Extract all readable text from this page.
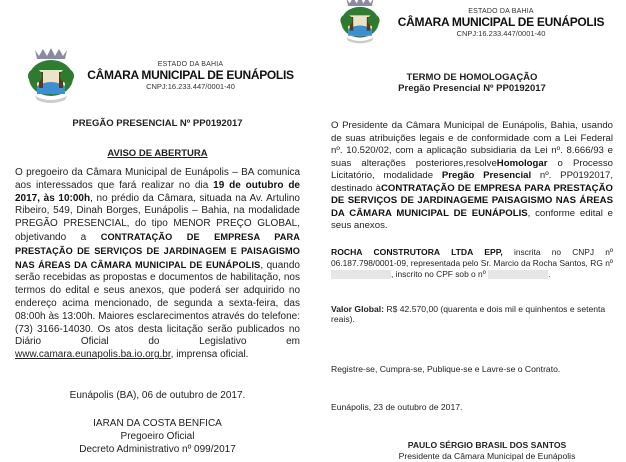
ESTADO DA BAHIA
CÂMARA MUNICIPAL DE EUNÁPOLIS
CNPJ:16.233.447/0001-40
PREGÃO PRESENCIAL Nº PP0192017
AVISO DE ABERTURA
O pregoeiro da Câmara Municipal de Eunápolis – BA comunica aos interessados que fará realizar no dia 19 de outubro de 2017, às 10:00h, no prédio da Câmara, situada na Av. Artulino Ribeiro, 549, Dinah Borges, Eunápolis – Bahia, na modalidade PREGÃO PRESENCIAL, do tipo MENOR PREÇO GLOBAL, objetivando a CONTRATAÇÃO DE EMPRESA PARA PRESTAÇÃO DE SERVIÇOS DE JARDINAGEM E PAISAGISMO NAS ÁREAS DA CÂMARA MUNICIPAL DE EUNÁPOLIS, quando serão recebidas as propostas e documentos de habilitação, nos termos do edital e seus anexos, que poderá ser adquirido no endereço acima mencionado, de segunda a sexta-feira, das 08:00h às 13:00h. Maiores esclarecimentos através do telefone: (73) 3166-14030. Os atos desta licitação serão publicados no Diário Oficial do Legislativo em www.camara.eunapolis.ba.io.org.br, imprensa oficial.
Eunápolis (BA), 06 de outubro de 2017.
IARAN DA COSTA BENFICA
Pregoeiro Oficial
Decreto Administrativo nº 099/2017
ESTADO DA BAHIA
CÂMARA MUNICIPAL DE EUNÁPOLIS
CNPJ:16.233.447/0001-40
TERMO DE HOMOLOGAÇÃO
Pregão Presencial Nº PP0192017
O Presidente da Câmara Municipal de Eunápolis, Bahia, usando de suas atribuições legais e de conformidade com a Lei Federal nº. 10.520/02, com a aplicação subsidiaria da Lei nº. 8.666/93 e suas alterações posteriores,resolveHomologar o Processo Licitatório, modalidade Pregão Presencial nº. PP0192017, destinado àCONTRATAÇÃO DE EMPRESA PARA PRESTAÇÃO DE SERVIÇOS DE JARDINAGEME PAISAGISMO NAS ÁREAS DA CÂMARA MUNICIPAL DE EUNÁPOLIS, conforme edital e seus anexos.
ROCHA CONSTRUTORA LTDA EPP, inscrita no CNPJ nº 06.187.798/0001-09, representada pelo Sr. Marcio da Rocha Santos, RG nº , inscrito no CPF sob o nº	.
Valor Global: R$ 42.570,00 (quarenta e dois mil e quinhentos e setenta reais).
Registre-se, Cumpra-se, Publique-se e Lavre-se o Contrato.
Eunápolis, 23 de outubro de 2017.
PAULO SÉRGIO BRASIL DOS SANTOS
Presidente da Câmara Municipal de Eunápolis
